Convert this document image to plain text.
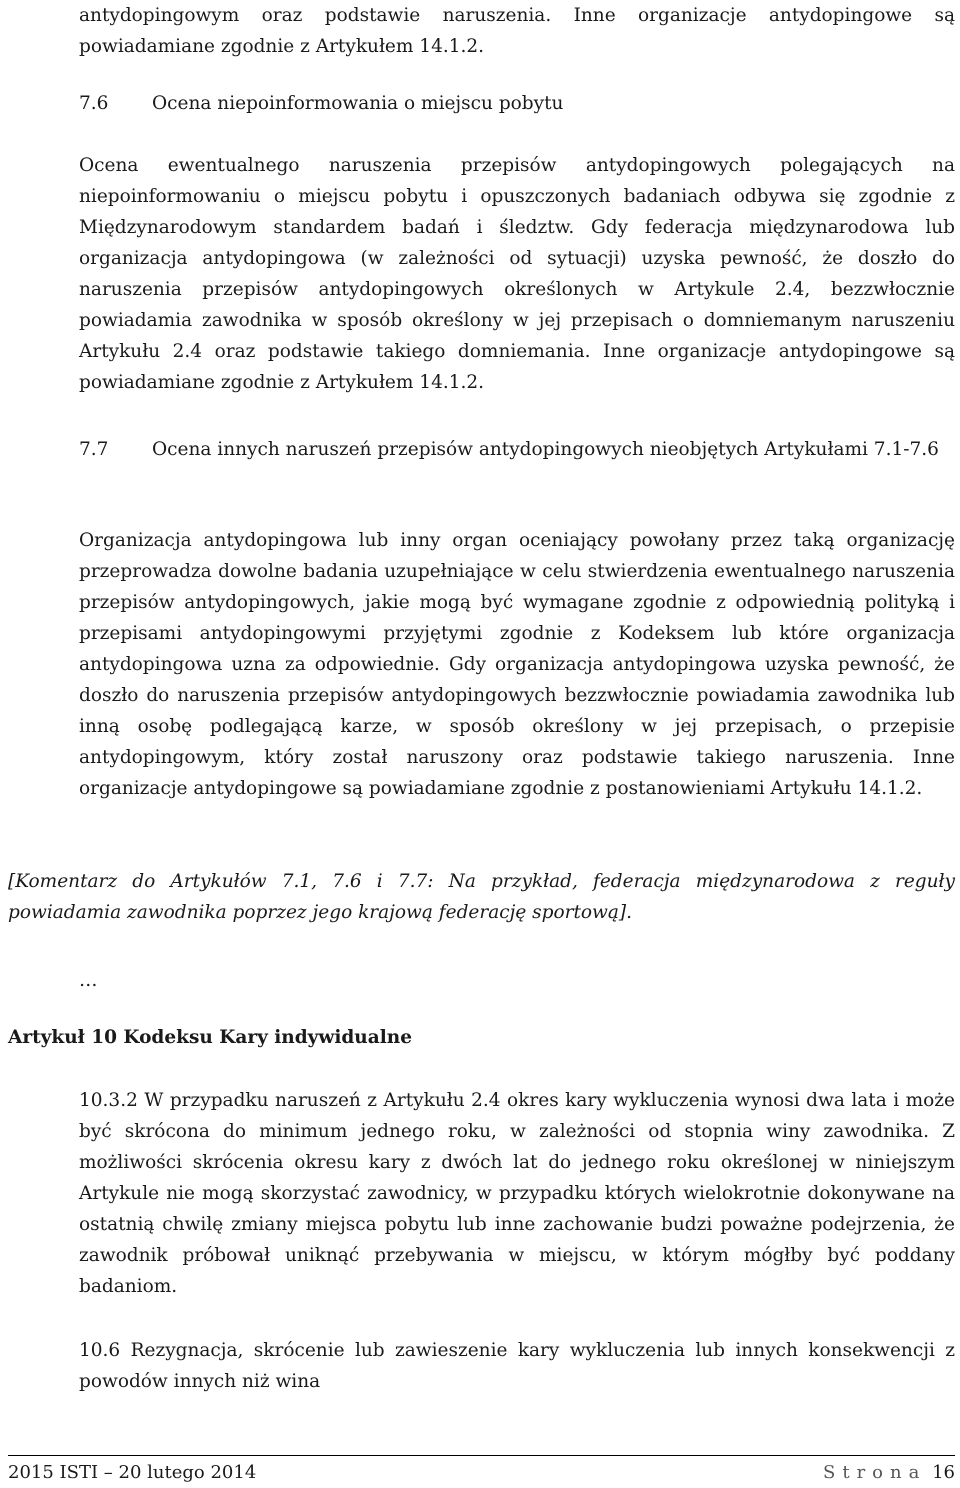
antydopingowym oraz podstawie naruszenia. Inne organizacje antydopingowe są powiadamiane zgodnie z Artykułem 14.1.2.
7.6 Ocena niepoinformowania o miejscu pobytu
Ocena ewentualnego naruszenia przepisów antydopingowych polegających na niepoinformowaniu o miejscu pobytu i opuszczonych badaniach odbywa się zgodnie z Międzynarodowym standardem badań i śledztw. Gdy federacja międzynarodowa lub organizacja antydopingowa (w zależności od sytuacji) uzyska pewność, że doszło do naruszenia przepisów antydopingowych określonych w Artykule 2.4, bezzwłocznie powiadamia zawodnika w sposób określony w jej przepisach o domniemanym naruszeniu Artykułu 2.4 oraz podstawie takiego domniemania. Inne organizacje antydopingowe są powiadamiane zgodnie z Artykułem 14.1.2.
7.7 Ocena innych naruszeń przepisów antydopingowych nieobjętych Artykułami 7.1-7.6
Organizacja antydopingowa lub inny organ oceniający powołany przez taką organizację przeprowadza dowolne badania uzupełniające w celu stwierdzenia ewentualnego naruszenia przepisów antydopingowych, jakie mogą być wymagane zgodnie z odpowiednią polityką i przepisami antydopingowymi przyjętymi zgodnie z Kodeksem lub które organizacja antydopingowa uzna za odpowiednie. Gdy organizacja antydopingowa uzyska pewność, że doszło do naruszenia przepisów antydopingowych bezzwłocznie powiadamia zawodnika lub inną osobę podlegającą karze, w sposób określony w jej przepisach, o przepisie antydopingowym, który został naruszony oraz podstawie takiego naruszenia. Inne organizacje antydopingowe są powiadamiane zgodnie z postanowieniami Artykułu 14.1.2.
[Komentarz do Artykułów 7.1, 7.6 i 7.7: Na przykład, federacja międzynarodowa z reguły powiadamia zawodnika poprzez jego krajową federację sportową].
…
Artykuł 10 Kodeksu Kary indywidualne
10.3.2 W przypadku naruszeń z Artykułu 2.4 okres kary wykluczenia wynosi dwa lata i może być skrócona do minimum jednego roku, w zależności od stopnia winy zawodnika. Z możliwości skrócenia okresu kary z dwóch lat do jednego roku określonej w niniejszym Artykule nie mogą skorzystać zawodnicy, w przypadku których wielokrotnie dokonywane na ostatnią chwilę zmiany miejsca pobytu lub inne zachowanie budzi poważne podejrzenia, że zawodnik próbował uniknąć przebywania w miejscu, w którym mógłby być poddany badaniom.
10.6 Rezygnacja, skrócenie lub zawieszenie kary wykluczenia lub innych konsekwencji z powodów innych niż wina
2015 ISTI – 20 lutego 2014	Strona 16
